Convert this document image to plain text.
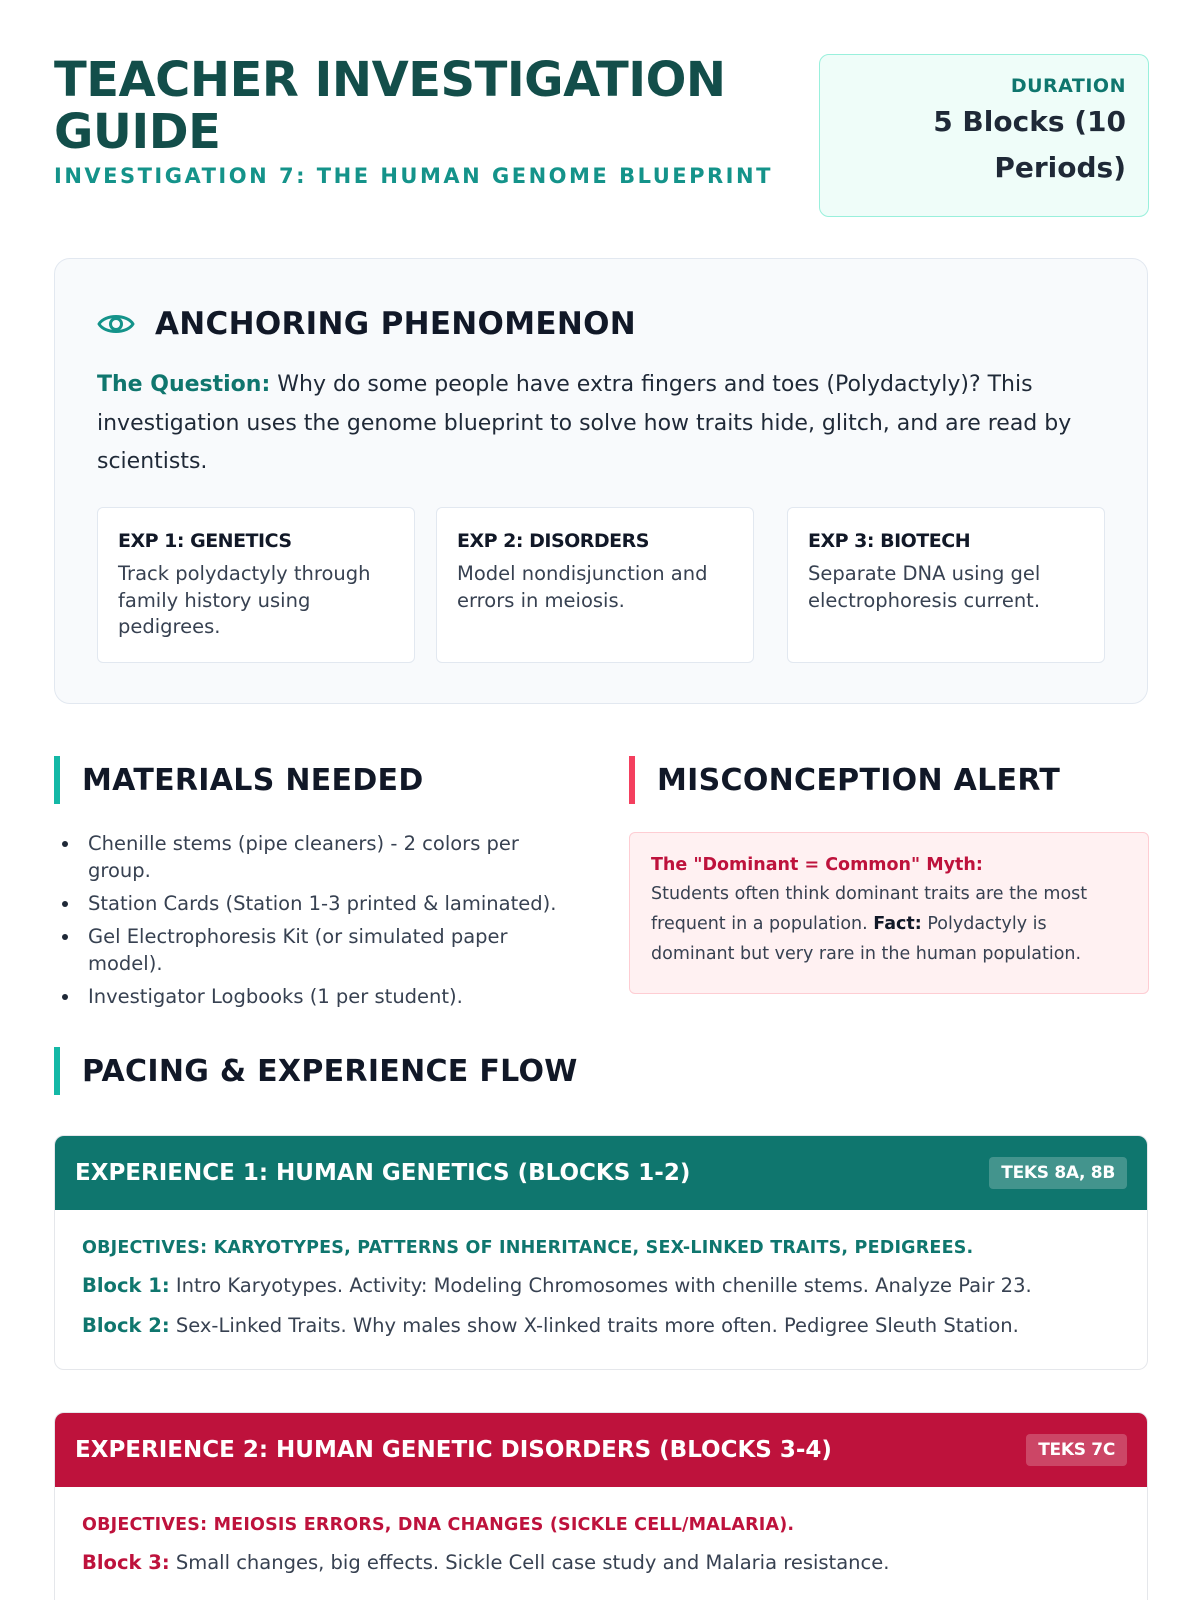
TEACHER INVESTIGATION GUIDE
INVESTIGATION 7: THE HUMAN GENOME BLUEPRINT
DURATION
5 Blocks (10 Periods)
ANCHORING PHENOMENON

The Question: Why do some people have extra fingers and toes (Polydactyly)? This investigation uses the genome blueprint to solve how traits hide, glitch, and are read by scientists.

EXP 1: GENETICS
Track polydactyly through family history using pedigrees.
EXP 2: DISORDERS
Model nondisjunction and errors in meiosis.
EXP 3: BIOTECH
Separate DNA using gel electrophoresis current.
MATERIALS NEEDED
Chenille stems (pipe cleaners) - 2 colors per group.
Station Cards (Station 1-3 printed & laminated).
Gel Electrophoresis Kit (or simulated paper model).
Investigator Logbooks (1 per student).
MISCONCEPTION ALERT
The "Dominant = Common" Myth:
Students often think dominant traits are the most frequent in a population. Fact: Polydactyly is dominant but very rare in the human population.
PACING & EXPERIENCE FLOW
EXPERIENCE 1: HUMAN GENETICS (BLOCKS 1-2)	TEKS 8A, 8B
OBJECTIVES: KARYOTYPES, PATTERNS OF INHERITANCE, SEX-LINKED TRAITS, PEDIGREES.
Block 1: Intro Karyotypes. Activity: Modeling Chromosomes with chenille stems. Analyze Pair 23.
Block 2: Sex-Linked Traits. Why males show X-linked traits more often. Pedigree Sleuth Station.
EXPERIENCE 2: HUMAN GENETIC DISORDERS (BLOCKS 3-4)	TEKS 7C
OBJECTIVES: MEIOSIS ERRORS, DNA CHANGES (SICKLE CELL/MALARIA).
Block 3: Small changes, big effects. Sickle Cell case study and Malaria resistance.
